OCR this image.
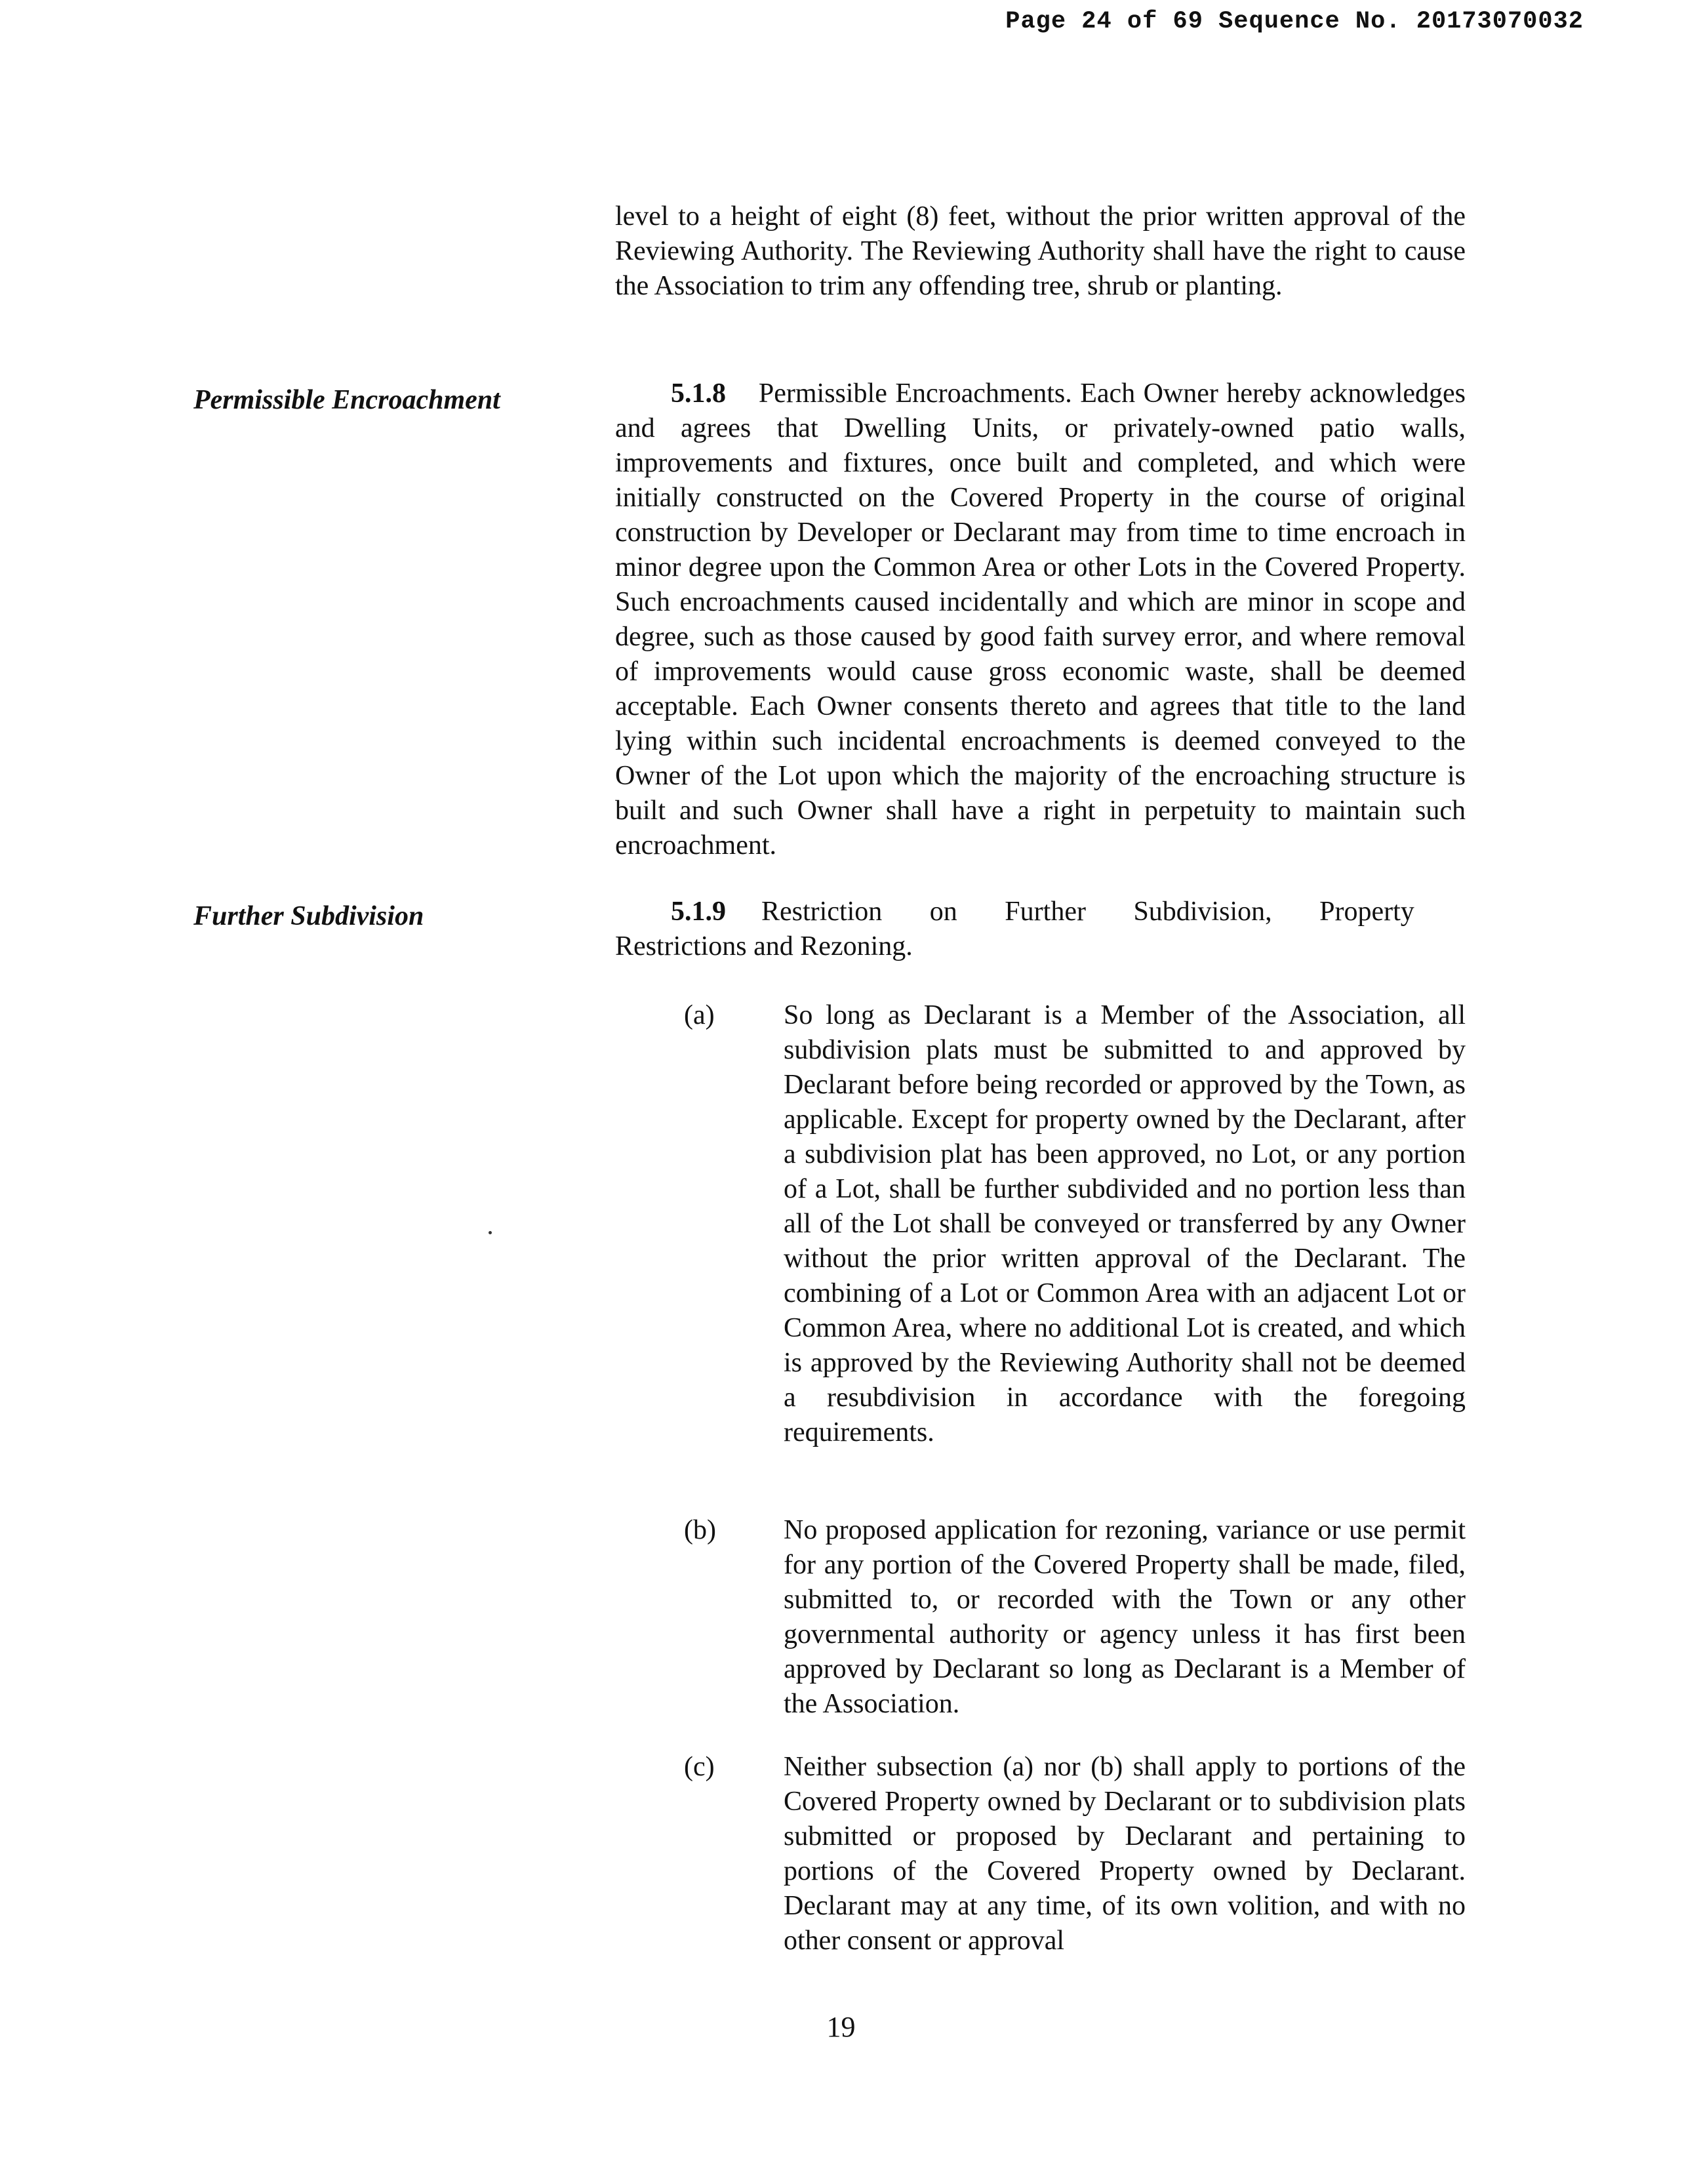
Page 24 of 69 Sequence No. 20173070032
level to a height of eight (8) feet, without the prior written approval of the Reviewing Authority. The Reviewing Authority shall have the right to cause the Association to trim any offending tree, shrub or planting.
Permissible Encroachment	5.1.8 Permissible Encroachments. Each Owner hereby acknowledges and agrees that Dwelling Units, or privately-owned patio walls, improvements and fixtures, once built and completed, and which were initially constructed on the Covered Property in the course of original construction by Developer or Declarant may from time to time encroach in minor degree upon the Common Area or other Lots in the Covered Property. Such encroachments caused incidentally and which are minor in scope and degree, such as those caused by good faith survey error, and where removal of improvements would cause gross economic waste, shall be deemed acceptable. Each Owner consents thereto and agrees that title to the land lying within such incidental encroachments is deemed conveyed to the Owner of the Lot upon which the majority of the encroaching structure is built and such Owner shall have a right in perpetuity to maintain such encroachment.
Further Subdivision	5.1.9 Restriction on Further Subdivision, Property
Restrictions and Rezoning.
(a)	So long as Declarant is a Member of the Association, all subdivision plats must be submitted to and approved by Declarant before being recorded or approved by the Town, as applicable. Except for property owned by the Declarant, after a subdivision plat has been approved, no Lot, or any portion of a Lot, shall be further subdivided and no portion less than all of the Lot shall be conveyed or transferred by any Owner without the prior written approval of the Declarant. The combining of a Lot or Common Area with an adjacent Lot or Common Area, where no additional Lot is created, and which is approved by the Reviewing Authority shall not be deemed a resubdivision in accordance with the foregoing requirements.
(b) No proposed application for rezoning, variance or use permit for any portion of the Covered Property shall be made, filed, submitted to, or recorded with the Town or any other governmental authority or agency unless it has first been approved by Declarant so long as Declarant is a Member of the Association.
(c)	Neither subsection (a) nor (b) shall apply to portions of the Covered Property owned by Declarant or to subdivision plats submitted or proposed by Declarant and pertaining to portions of the Covered Property owned by Declarant. Declarant may at any time, of its own volition, and with no other consent or approval
19
